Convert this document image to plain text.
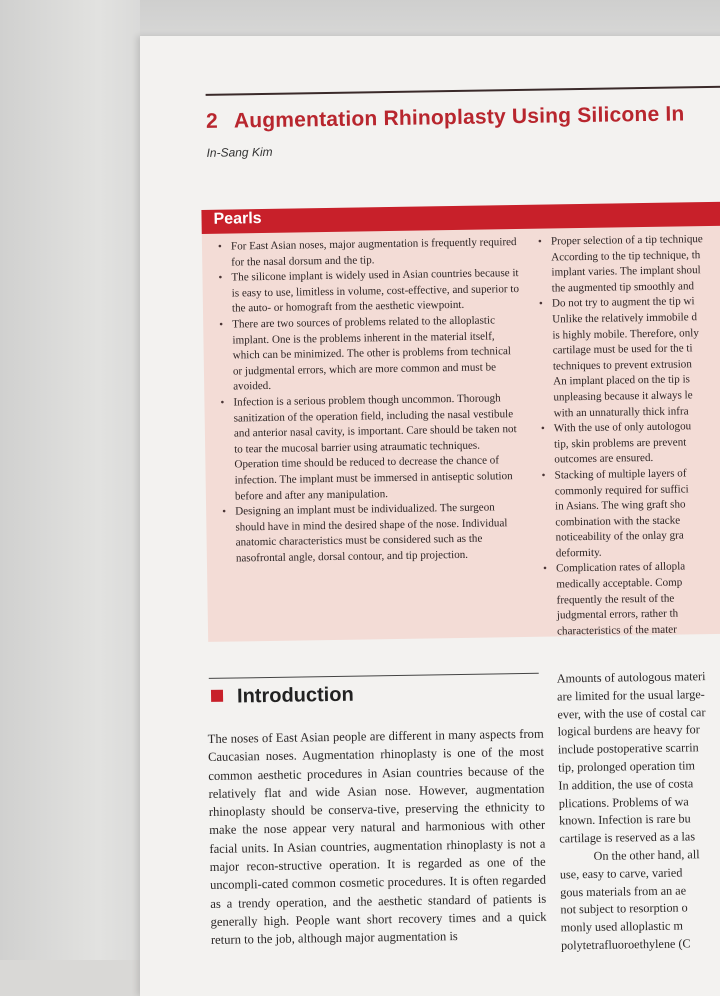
2 Augmentation Rhinoplasty Using Silicone In
In-Sang Kim
Pearls
• For East Asian noses, major augmentation is frequently required for the nasal dorsum and the tip.
• The silicone implant is widely used in Asian countries because it is easy to use, limitless in volume, cost-effective, and superior to the auto- or homograft from the aesthetic viewpoint.
• There are two sources of problems related to the alloplastic implant. One is the problems inherent in the material itself, which can be minimized. The other is problems from technical or judgmental errors, which are more common and must be avoided.
• Infection is a serious problem though uncommon. Thorough sanitization of the operation field, including the nasal vestibule and anterior nasal cavity, is important. Care should be taken not to tear the mucosal barrier using atraumatic techniques. Operation time should be reduced to decrease the chance of infection. The implant must be immersed in antiseptic solution before and after any manipulation.
• Designing an implant must be individualized. The surgeon should have in mind the desired shape of the nose. Individual anatomic characteristics must be considered such as the nasofrontal angle, dorsal contour, and tip projection.
• Proper selection of a tip technique
According to the tip technique, th
implant varies. The implant shoul
the augmented tip smoothly and
• Do not try to augment the tip wi
Unlike the relatively immobile d
is highly mobile. Therefore, only
cartilage must be used for the ti
techniques to prevent extrusion
An implant placed on the tip is
unpleasing because it always le
with an unnaturally thick infra
• With the use of only autologou
tip, skin problems are prevent
outcomes are ensured.
• Stacking of multiple layers of
commonly required for suffici
in Asians. The wing graft sho
combination with the stacke
noticeability of the onlay gra
deformity.
• Complication rates of allopla
medically acceptable. Comp
frequently the result of the
judgmental errors, rather th
characteristics of the mater
Introduction

The noses of East Asian people are different in many aspects from Caucasian noses. Augmentation rhinoplasty is one of the most common aesthetic procedures in Asian countries because of the relatively flat and wide Asian nose. However, augmentation rhinoplasty should be conserva-tive, preserving the ethnicity to make the nose appear very natural and harmonious with other facial units. In Asian countries, augmentation rhinoplasty is not a major recon-structive operation. It is regarded as one of the uncompli-cated common cosmetic procedures. It is often regarded as a trendy operation, and the aesthetic standard of patients is generally high. People want short recovery times and a quick return to the job, although major augmentation is

Amounts of autologous materi
are limited for the usual large-
ever, with the use of costal car
logical burdens are heavy for
include postoperative scarrin
tip, prolonged operation tim
In addition, the use of costa
plications. Problems of wa
known. Infection is rare bu
cartilage is reserved as a las
On the other hand, all
use, easy to carve, varied
gous materials from an ae
not subject to resorption o
monly used alloplastic m
polytetrafluoroethylene (C
